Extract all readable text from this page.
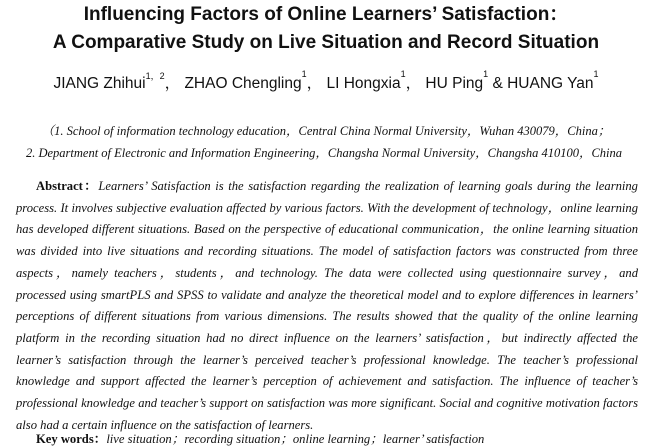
Influencing Factors of Online Learners’ Satisfaction：
A Comparative Study on Live Situation and Record Situation
JIANG Zhihui$^{1,2}$， ZHAO Chengling$^1$， LI Hongxia$^1$， HU Ping$^1$ & HUANG Yan$^1$
（1. School of information technology education，Central China Normal University，Wuhan 430079，China；
2. Department of Electronic and Information Engineering，Changsha Normal University，Changsha 410100，China

Abstract：Learners’ Satisfaction is the satisfaction regarding the realization of learning goals during the learning process. It involves subjective evaluation affected by various factors. With the development of technology，online learning has developed different situations. Based on the perspective of educational communication，the online learning situation was divided into live situations and recording situations. The model of satisfaction factors was constructed from three aspects，namely teachers，students，and technology. The data were collected using questionnaire survey，and processed using smartPLS and SPSS to validate and analyze the theoretical model and to explore differences in learners’ perceptions of different situations from various dimensions. The results showed that the quality of the online learning platform in the recording situation had no direct influence on the learners’ satisfaction，but indirectly affected the learner’s satisfaction through the learner’s perceived teacher’s professional knowledge. The teacher’s professional knowledge and support affected the learner’s perception of achievement and satisfaction. The influence of teacher’s professional knowledge and teacher’s support on satisfaction was more significant. Social and cognitive motivation factors also had a certain influence on the satisfaction of learners.

Key words：live situation；recording situation；online learning；learner’ satisfaction
